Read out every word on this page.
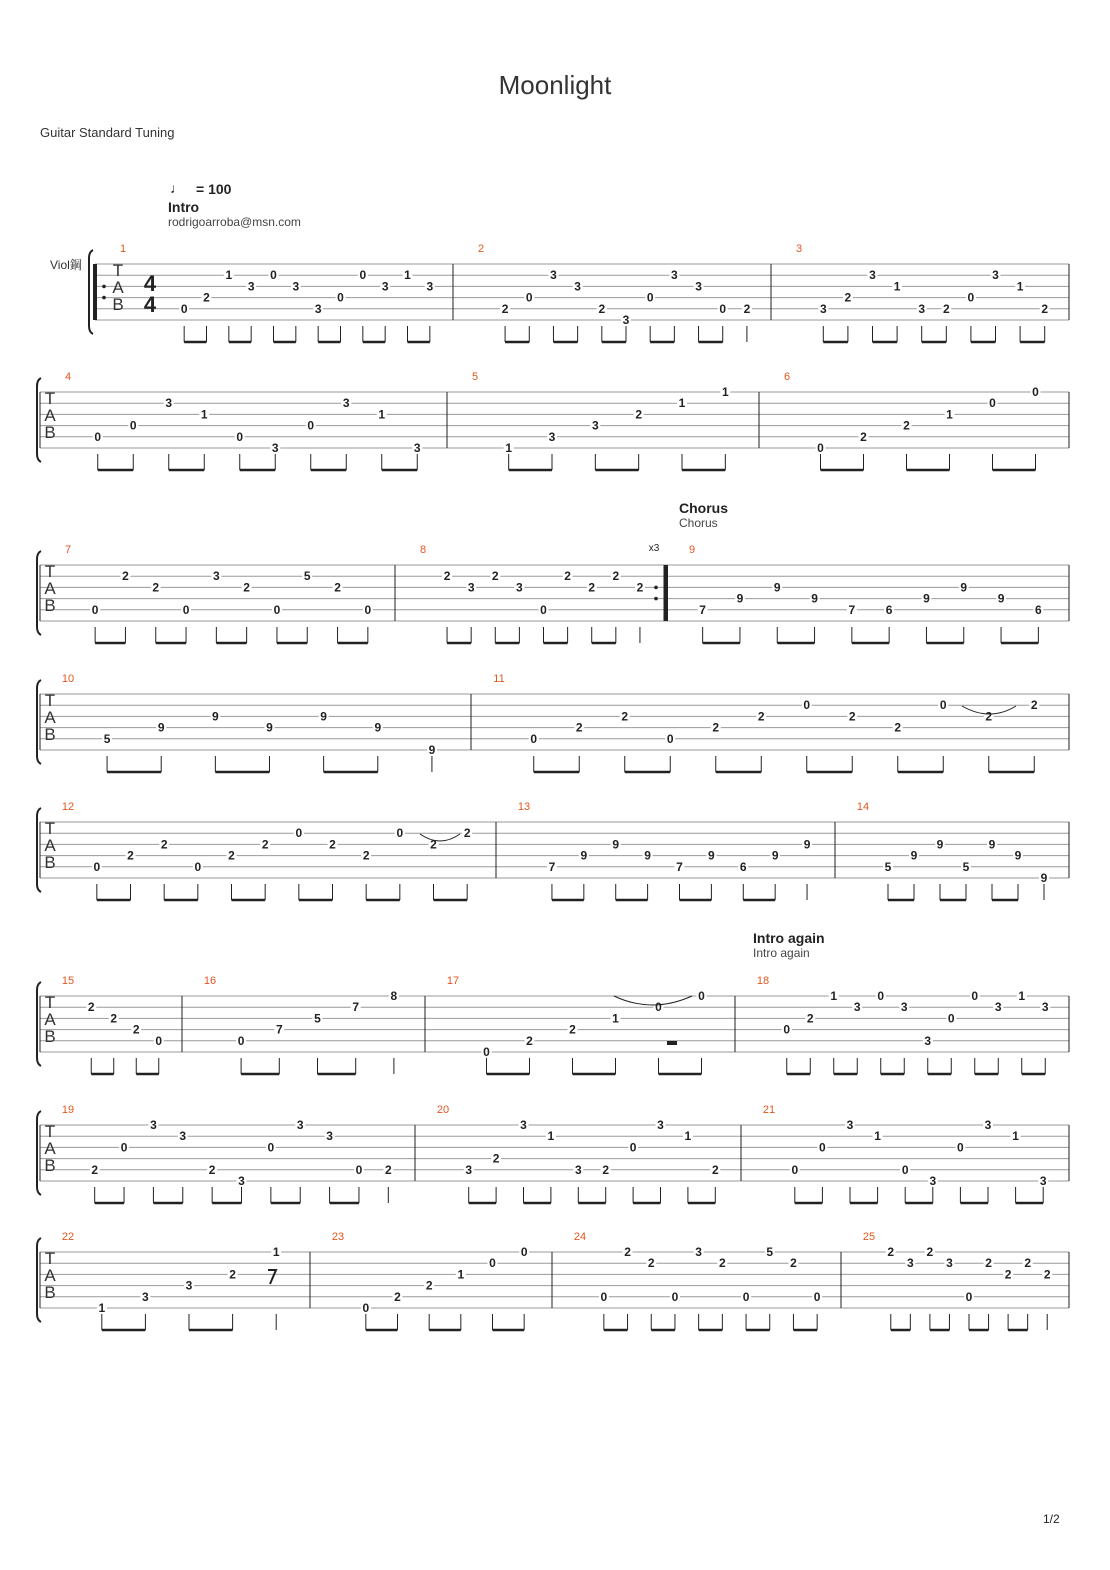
Moonlight
Guitar Standard Tuning
♩ = 100
Intro
rodrigoarroba@msn.com
Viol鋼
Chorus
Chorus
Intro again
Intro again
T
A
B
1
0
2
1
3
0
3
3
0
0
3
1
3
2
2
0
3
3
2
3
0
3
3
0 2
3
3
2
3
1
3 2
0
3
1
2
T
A
B
4
0
0
3
1
0
3
0
3
1
3
5
1
3
3
2
1
1
6
0
2
2
1
0
0
T
A
B
7
0
2
2
0
3
2
0
5
2
0
8
2
3
2
3
0
2
2
2
2
9
7
9
9
9
7	6
9
9
9
6
T
A
B
10
5
9
9
9
9
9
9
11
0
2
2
0
2
2
0
2
2
0
2
2
T
A
B
12
0
2
2
0
2
2
0
2
2
0
2
2
13
7
9
9
9
7
9
6
9
9
14
5
9
9
5
9
9
9
T
A
B
15
2
2
2
0
16
0
7
5
7
8
17
0
2
2
1
0
0
18
0
2
1
3
0
3
3
0
0
3
1
3
T
A
B
19
2
0
3
3
2
3
0
3
3
0 2
20
3
2
3
1
3 2
0
3
1
2
21
0
0
3
1
0
3
0
3
1
3
T
A
B
22
1
3
3
2
1
23
0
2
2
1
0
0
24
0
2
2
0
3
2
0
5
2
0
25
2
3
2
3
0
2
2
2
2
4
4
x3
1/2
